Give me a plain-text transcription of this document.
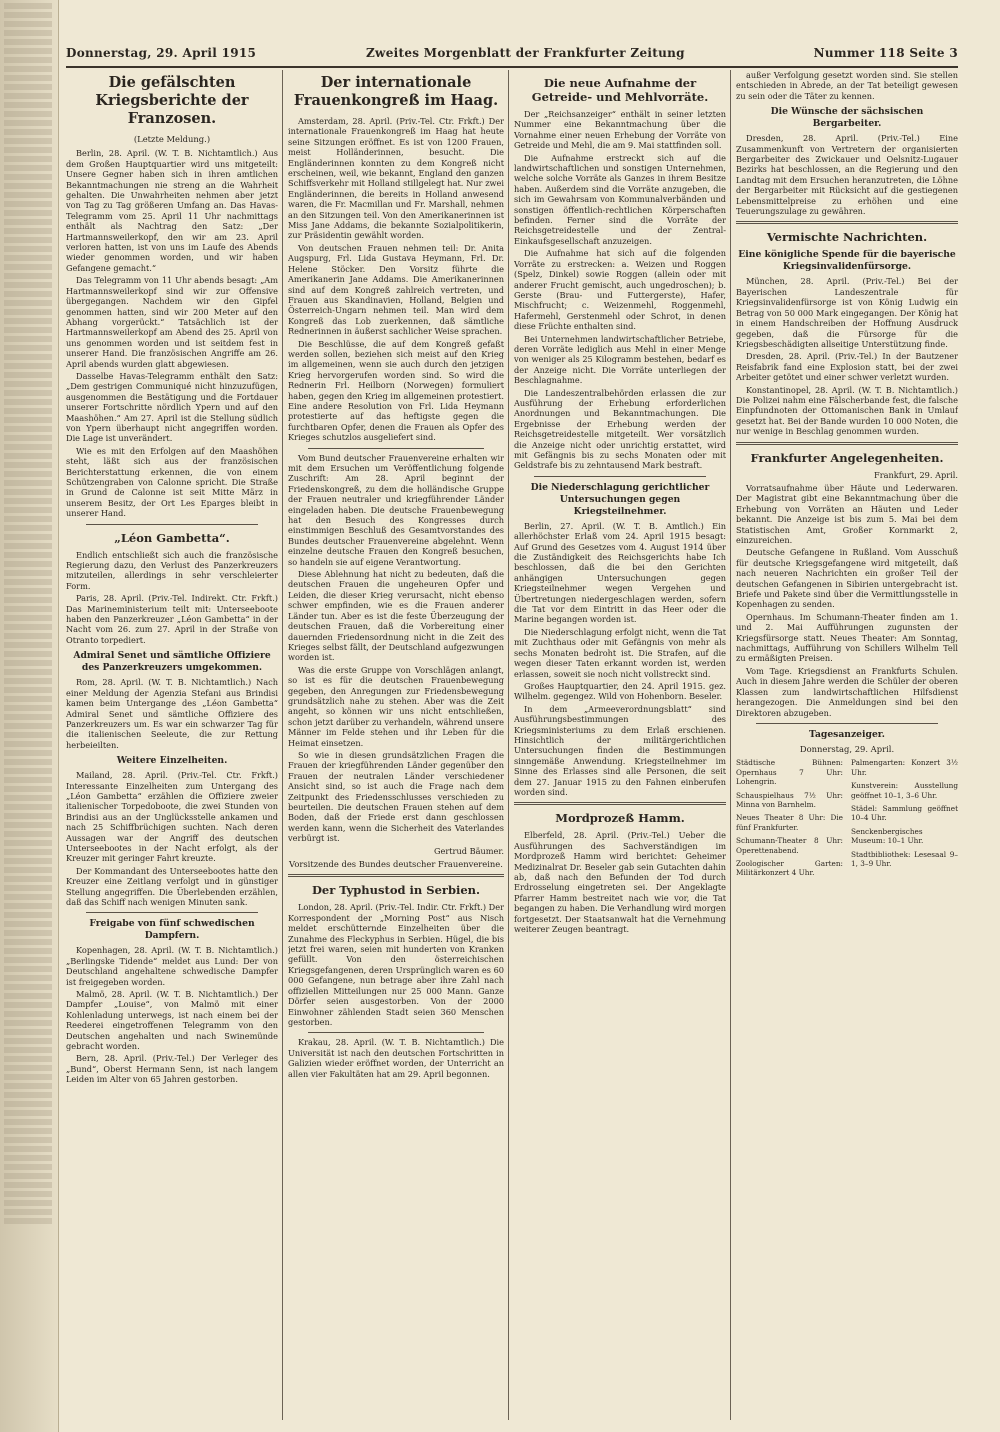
Donnerstag, 29. April 1915	Zweites Morgenblatt der Frankfurter Zeitung	Nummer 118 Seite 3
Die gefälschten Kriegsberichte der Franzosen.
(Letzte Meldung.)

Berlin, 28. April. (W. T. B. Nichtamtlich.) Aus dem Großen Hauptquartier wird uns mitgeteilt: Unsere Gegner haben sich in ihren amtlichen Bekanntmachungen nie streng an die Wahrheit gehalten. Die Unwahrheiten nehmen aber jetzt von Tag zu Tag größeren Umfang an. Das Havas-Telegramm vom 25. April 11 Uhr nachmittags enthält als Nachtrag den Satz: „Der Hartmannsweilerkopf, den wir am 23. April verloren hatten, ist von uns im Laufe des Abends wieder genommen worden, und wir haben Gefangene gemacht.“

Das Telegramm von 11 Uhr abends besagt: „Am Hartmannsweilerkopf sind wir zur Offensive übergegangen. Nachdem wir den Gipfel genommen hatten, sind wir 200 Meter auf den Abhang vorgerückt.“ Tatsächlich ist der Hartmannsweilerkopf am Abend des 25. April von uns genommen worden und ist seitdem fest in unserer Hand. Die französischen Angriffe am 26. April abends wurden glatt abgewiesen.

Dasselbe Havas-Telegramm enthält den Satz: „Dem gestrigen Communiqué nicht hinzuzufügen, ausgenommen die Bestätigung und die Fortdauer unserer Fortschritte nördlich Ypern und auf den Maashöhen.“ Am 27. April ist die Stellung südlich von Ypern überhaupt nicht angegriffen worden. Die Lage ist unverändert.

Wie es mit den Erfolgen auf den Maashöhen steht, läßt sich aus der französischen Berichterstattung erkennen, die von einem Schützengraben von Calonne spricht. Die Straße in Grund de Calonne ist seit Mitte März in unserem Besitz, der Ort Les Eparges bleibt in unserer Hand.

„Léon Gambetta“.

Endlich entschließt sich auch die französische Regierung dazu, den Verlust des Panzerkreuzers mitzuteilen, allerdings in sehr verschleierter Form.

Paris, 28. April. (Priv.-Tel. Indirekt. Ctr. Frkft.) Das Marineministerium teilt mit: Unterseeboote haben den Panzerkreuzer „Léon Gambetta“ in der Nacht vom 26. zum 27. April in der Straße von Otranto torpediert.

Admiral Senet und sämtliche Offiziere des Panzerkreuzers umgekommen.

Rom, 28. April. (W. T. B. Nichtamtlich.) Nach einer Meldung der Agenzia Stefani aus Brindisi kamen beim Untergange des „Léon Gambetta“ Admiral Senet und sämtliche Offiziere des Panzerkreuzers um. Es war ein schwarzer Tag für die italienischen Seeleute, die zur Rettung herbeieilten.

Weitere Einzelheiten.

Mailand, 28. April. (Priv.-Tel. Ctr. Frkft.) Interessante Einzelheiten zum Untergang des „Léon Gambetta“ erzählen die Offiziere zweier italienischer Torpedoboote, die zwei Stunden von Brindisi aus an der Unglücksstelle ankamen und nach 25 Schiffbrüchigen suchten. Nach deren Aussagen war der Angriff des deutschen Unterseebootes in der Nacht erfolgt, als der Kreuzer mit geringer Fahrt kreuzte.

Der Kommandant des Unterseebootes hatte den Kreuzer eine Zeitlang verfolgt und in günstiger Stellung angegriffen. Die Überlebenden erzählen, daß das Schiff nach wenigen Minuten sank.

Freigabe von fünf schwedischen Dampfern.

Kopenhagen, 28. April. (W. T. B. Nichtamtlich.) „Berlingske Tidende“ meldet aus Lund: Der von Deutschland angehaltene schwedische Dampfer ist freigegeben worden.

Malmö, 28. April. (W. T. B. Nichtamtlich.) Der Dampfer „Louise“, von Malmö mit einer Kohlenladung unterwegs, ist nach einem bei der Reederei eingetroffenen Telegramm von den Deutschen angehalten und nach Swinemünde gebracht worden.

Bern, 28. April. (Priv.-Tel.) Der Verleger des „Bund“, Oberst Hermann Senn, ist nach langem Leiden im Alter von 65 Jahren gestorben.

Der internationale Frauenkongreß im Haag.

Amsterdam, 28. April. (Priv.-Tel. Ctr. Frkft.) Der internationale Frauenkongreß im Haag hat heute seine Sitzungen eröffnet. Es ist von 1200 Frauen, meist Holländerinnen, besucht. Die Engländerinnen konnten zu dem Kongreß nicht erscheinen, weil, wie bekannt, England den ganzen Schiffsverkehr mit Holland stillgelegt hat. Nur zwei Engländerinnen, die bereits in Holland anwesend waren, die Fr. Macmillan und Fr. Marshall, nehmen an den Sitzungen teil. Von den Amerikanerinnen ist Miss Jane Addams, die bekannte Sozialpolitikerin, zur Präsidentin gewählt worden.

Von deutschen Frauen nehmen teil: Dr. Anita Augspurg, Frl. Lida Gustava Heymann, Frl. Dr. Helene Stöcker. Den Vorsitz führte die Amerikanerin Jane Addams. Die Amerikanerinnen sind auf dem Kongreß zahlreich vertreten, und Frauen aus Skandinavien, Holland, Belgien und Österreich-Ungarn nehmen teil. Man wird dem Kongreß das Lob zuerkennen, daß sämtliche Rednerinnen in äußerst sachlicher Weise sprachen.

Die Beschlüsse, die auf dem Kongreß gefaßt werden sollen, beziehen sich meist auf den Krieg im allgemeinen, wenn sie auch durch den jetzigen Krieg hervorgerufen worden sind. So wird die Rednerin Frl. Heilborn (Norwegen) formuliert haben, gegen den Krieg im allgemeinen protestiert. Eine andere Resolution von Frl. Lida Heymann protestierte auf das heftigste gegen die furchtbaren Opfer, denen die Frauen als Opfer des Krieges schutzlos ausgeliefert sind.

Vom Bund deutscher Frauenvereine erhalten wir mit dem Ersuchen um Veröffentlichung folgende Zuschrift: Am 28. April beginnt der Friedenskongreß, zu dem die holländische Gruppe der Frauen neutraler und kriegführender Länder eingeladen haben. Die deutsche Frauenbewegung hat den Besuch des Kongresses durch einstimmigen Beschluß des Gesamtvorstandes des Bundes deutscher Frauenvereine abgelehnt. Wenn einzelne deutsche Frauen den Kongreß besuchen, so handeln sie auf eigene Verantwortung.

Diese Ablehnung hat nicht zu bedeuten, daß die deutschen Frauen die ungeheuren Opfer und Leiden, die dieser Krieg verursacht, nicht ebenso schwer empfinden, wie es die Frauen anderer Länder tun. Aber es ist die feste Überzeugung der deutschen Frauen, daß die Vorbereitung einer dauernden Friedensordnung nicht in die Zeit des Krieges selbst fällt, der Deutschland aufgezwungen worden ist.

Was die erste Gruppe von Vorschlägen anlangt, so ist es für die deutschen Frauenbewegung gegeben, den Anregungen zur Friedensbewegung grundsätzlich nahe zu stehen. Aber was die Zeit angeht, so können wir uns nicht entschließen, schon jetzt darüber zu verhandeln, während unsere Männer im Felde stehen und ihr Leben für die Heimat einsetzen.

So wie in diesen grundsätzlichen Fragen die Frauen der kriegführenden Länder gegenüber den Frauen der neutralen Länder verschiedener Ansicht sind, so ist auch die Frage nach dem Zeitpunkt des Friedensschlusses verschieden zu beurteilen. Die deutschen Frauen stehen auf dem Boden, daß der Friede erst dann geschlossen werden kann, wenn die Sicherheit des Vaterlandes verbürgt ist.

Gertrud Bäumer.
Vorsitzende des Bundes deutscher Frauenvereine.
Der Typhustod in Serbien.

London, 28. April. (Priv.-Tel. Indir. Ctr. Frkft.) Der Korrespondent der „Morning Post“ aus Nisch meldet erschütternde Einzelheiten über die Zunahme des Fleckyphus in Serbien. Hügel, die bis jetzt frei waren, seien mit hunderten von Kranken gefüllt. Von den österreichischen Kriegsgefangenen, deren Ursprünglich waren es 60 000 Gefangene, nun betrage aber ihre Zahl nach offiziellen Mitteilungen nur 25 000 Mann. Ganze Dörfer seien ausgestorben. Von der 2000 Einwohner zählenden Stadt seien 360 Menschen gestorben.

Krakau, 28. April. (W. T. B. Nichtamtlich.) Die Universität ist nach den deutschen Fortschritten in Galizien wieder eröffnet worden, der Unterricht an allen vier Fakultäten hat am 29. April begonnen.

Die neue Aufnahme der Getreide- und Mehlvorräte.

Der „Reichsanzeiger“ enthält in seiner letzten Nummer eine Bekanntmachung über die Vornahme einer neuen Erhebung der Vorräte von Getreide und Mehl, die am 9. Mai stattfinden soll.

Die Aufnahme erstreckt sich auf die landwirtschaftlichen und sonstigen Unternehmen, welche solche Vorräte als Ganzes in ihrem Besitze haben. Außerdem sind die Vorräte anzugeben, die sich im Gewahrsam von Kommunalverbänden und sonstigen öffentlich-rechtlichen Körperschaften befinden. Ferner sind die Vorräte der Reichsgetreidestelle und der Zentral-Einkaufsgesellschaft anzuzeigen.

Die Aufnahme hat sich auf die folgenden Vorräte zu erstrecken: a. Weizen und Roggen (Spelz, Dinkel) sowie Roggen (allein oder mit anderer Frucht gemischt, auch ungedroschen); b. Gerste (Brau- und Futtergerste), Hafer, Mischfrucht; c. Weizenmehl, Roggenmehl, Hafermehl, Gerstenmehl oder Schrot, in denen diese Früchte enthalten sind.

Bei Unternehmen landwirtschaftlicher Betriebe, deren Vorräte lediglich aus Mehl in einer Menge von weniger als 25 Kilogramm bestehen, bedarf es der Anzeige nicht. Die Vorräte unterliegen der Beschlagnahme.

Die Landeszentralbehörden erlassen die zur Ausführung der Erhebung erforderlichen Anordnungen und Bekanntmachungen. Die Ergebnisse der Erhebung werden der Reichsgetreidestelle mitgeteilt. Wer vorsätzlich die Anzeige nicht oder unrichtig erstattet, wird mit Gefängnis bis zu sechs Monaten oder mit Geldstrafe bis zu zehntausend Mark bestraft.

Die Niederschlagung gerichtlicher Untersuchungen gegen Kriegsteilnehmer.

Berlin, 27. April. (W. T. B. Amtlich.) Ein allerhöchster Erlaß vom 24. April 1915 besagt: Auf Grund des Gesetzes vom 4. August 1914 über die Zuständigkeit des Reichsgerichts habe Ich beschlossen, daß die bei den Gerichten anhängigen Untersuchungen gegen Kriegsteilnehmer wegen Vergehen und Übertretungen niedergeschlagen werden, sofern die Tat vor dem Eintritt in das Heer oder die Marine begangen worden ist.

Die Niederschlagung erfolgt nicht, wenn die Tat mit Zuchthaus oder mit Gefängnis von mehr als sechs Monaten bedroht ist. Die Strafen, auf die wegen dieser Taten erkannt worden ist, werden erlassen, soweit sie noch nicht vollstreckt sind.

Großes Hauptquartier, den 24. April 1915. gez. Wilhelm. gegengez. Wild von Hohenborn. Beseler.

In dem „Armeeverordnungsblatt“ sind Ausführungsbestimmungen des Kriegsministeriums zu dem Erlaß erschienen. Hinsichtlich der militärgerichtlichen Untersuchungen finden die Bestimmungen sinngemäße Anwendung. Kriegsteilnehmer im Sinne des Erlasses sind alle Personen, die seit dem 27. Januar 1915 zu den Fahnen einberufen worden sind.

Mordprozeß Hamm.

Elberfeld, 28. April. (Priv.-Tel.) Ueber die Ausführungen des Sachverständigen im Mordprozeß Hamm wird berichtet: Geheimer Medizinalrat Dr. Beseler gab sein Gutachten dahin ab, daß nach den Befunden der Tod durch Erdrosselung eingetreten sei. Der Angeklagte Pfarrer Hamm bestreitet nach wie vor, die Tat begangen zu haben. Die Verhandlung wird morgen fortgesetzt. Der Staatsanwalt hat die Vernehmung weiterer Zeugen beantragt.

außer Verfolgung gesetzt worden sind. Sie stellen entschieden in Abrede, an der Tat beteiligt gewesen zu sein oder die Täter zu kennen.

Die Wünsche der sächsischen Bergarbeiter.

Dresden, 28. April. (Priv.-Tel.) Eine Zusammenkunft von Vertretern der organisierten Bergarbeiter des Zwickauer und Oelsnitz-Lugauer Bezirks hat beschlossen, an die Regierung und den Landtag mit dem Ersuchen heranzutreten, die Löhne der Bergarbeiter mit Rücksicht auf die gestiegenen Lebensmittelpreise zu erhöhen und eine Teuerungszulage zu gewähren.

Vermischte Nachrichten.
Eine königliche Spende für die bayerische Kriegsinvalidenfürsorge.

München, 28. April. (Priv.-Tel.) Bei der Bayerischen Landeszentrale für Kriegsinvalidenfürsorge ist von König Ludwig ein Betrag von 50 000 Mark eingegangen. Der König hat in einem Handschreiben der Hoffnung Ausdruck gegeben, daß die Fürsorge für die Kriegsbeschädigten allseitige Unterstützung finde.

Dresden, 28. April. (Priv.-Tel.) In der Bautzener Reisfabrik fand eine Explosion statt, bei der zwei Arbeiter getötet und einer schwer verletzt wurden.

Konstantinopel, 28. April. (W. T. B. Nichtamtlich.) Die Polizei nahm eine Fälscherbande fest, die falsche Einpfundnoten der Ottomanischen Bank in Umlauf gesetzt hat. Bei der Bande wurden 10 000 Noten, die nur wenige in Beschlag genommen wurden.

Frankfurter Angelegenheiten.
Frankfurt, 29. April.

Vorratsaufnahme über Häute und Lederwaren. Der Magistrat gibt eine Bekanntmachung über die Erhebung von Vorräten an Häuten und Leder bekannt. Die Anzeige ist bis zum 5. Mai bei dem Statistischen Amt, Großer Kornmarkt 2, einzureichen.

Deutsche Gefangene in Rußland. Vom Ausschuß für deutsche Kriegsgefangene wird mitgeteilt, daß nach neueren Nachrichten ein großer Teil der deutschen Gefangenen in Sibirien untergebracht ist. Briefe und Pakete sind über die Vermittlungsstelle in Kopenhagen zu senden.

Opernhaus. Im Schumann-Theater finden am 1. und 2. Mai Aufführungen zugunsten der Kriegsfürsorge statt. Neues Theater: Am Sonntag, nachmittags, Aufführung von Schillers Wilhelm Tell zu ermäßigten Preisen.

Vom Tage. Kriegsdienst an Frankfurts Schulen. Auch in diesem Jahre werden die Schüler der oberen Klassen zum landwirtschaftlichen Hilfsdienst herangezogen. Die Anmeldungen sind bei den Direktoren abzugeben.

Tagesanzeiger.
Donnerstag, 29. April.
Städtische Bühnen: Opernhaus 7 Uhr: Lohengrin.
Schauspielhaus 7½ Uhr: Minna von Barnhelm.
Neues Theater 8 Uhr: Die fünf Frankfurter.
Schumann-Theater 8 Uhr: Operettenabend.
Zoologischer Garten: Militärkonzert 4 Uhr.
Palmengarten: Konzert 3½ Uhr.
Kunstverein: Ausstellung geöffnet 10–1, 3–6 Uhr.
Städel: Sammlung geöffnet 10–4 Uhr.
Senckenbergisches Museum: 10–1 Uhr.
Stadtbibliothek: Lesesaal 9–1, 3–9 Uhr.
